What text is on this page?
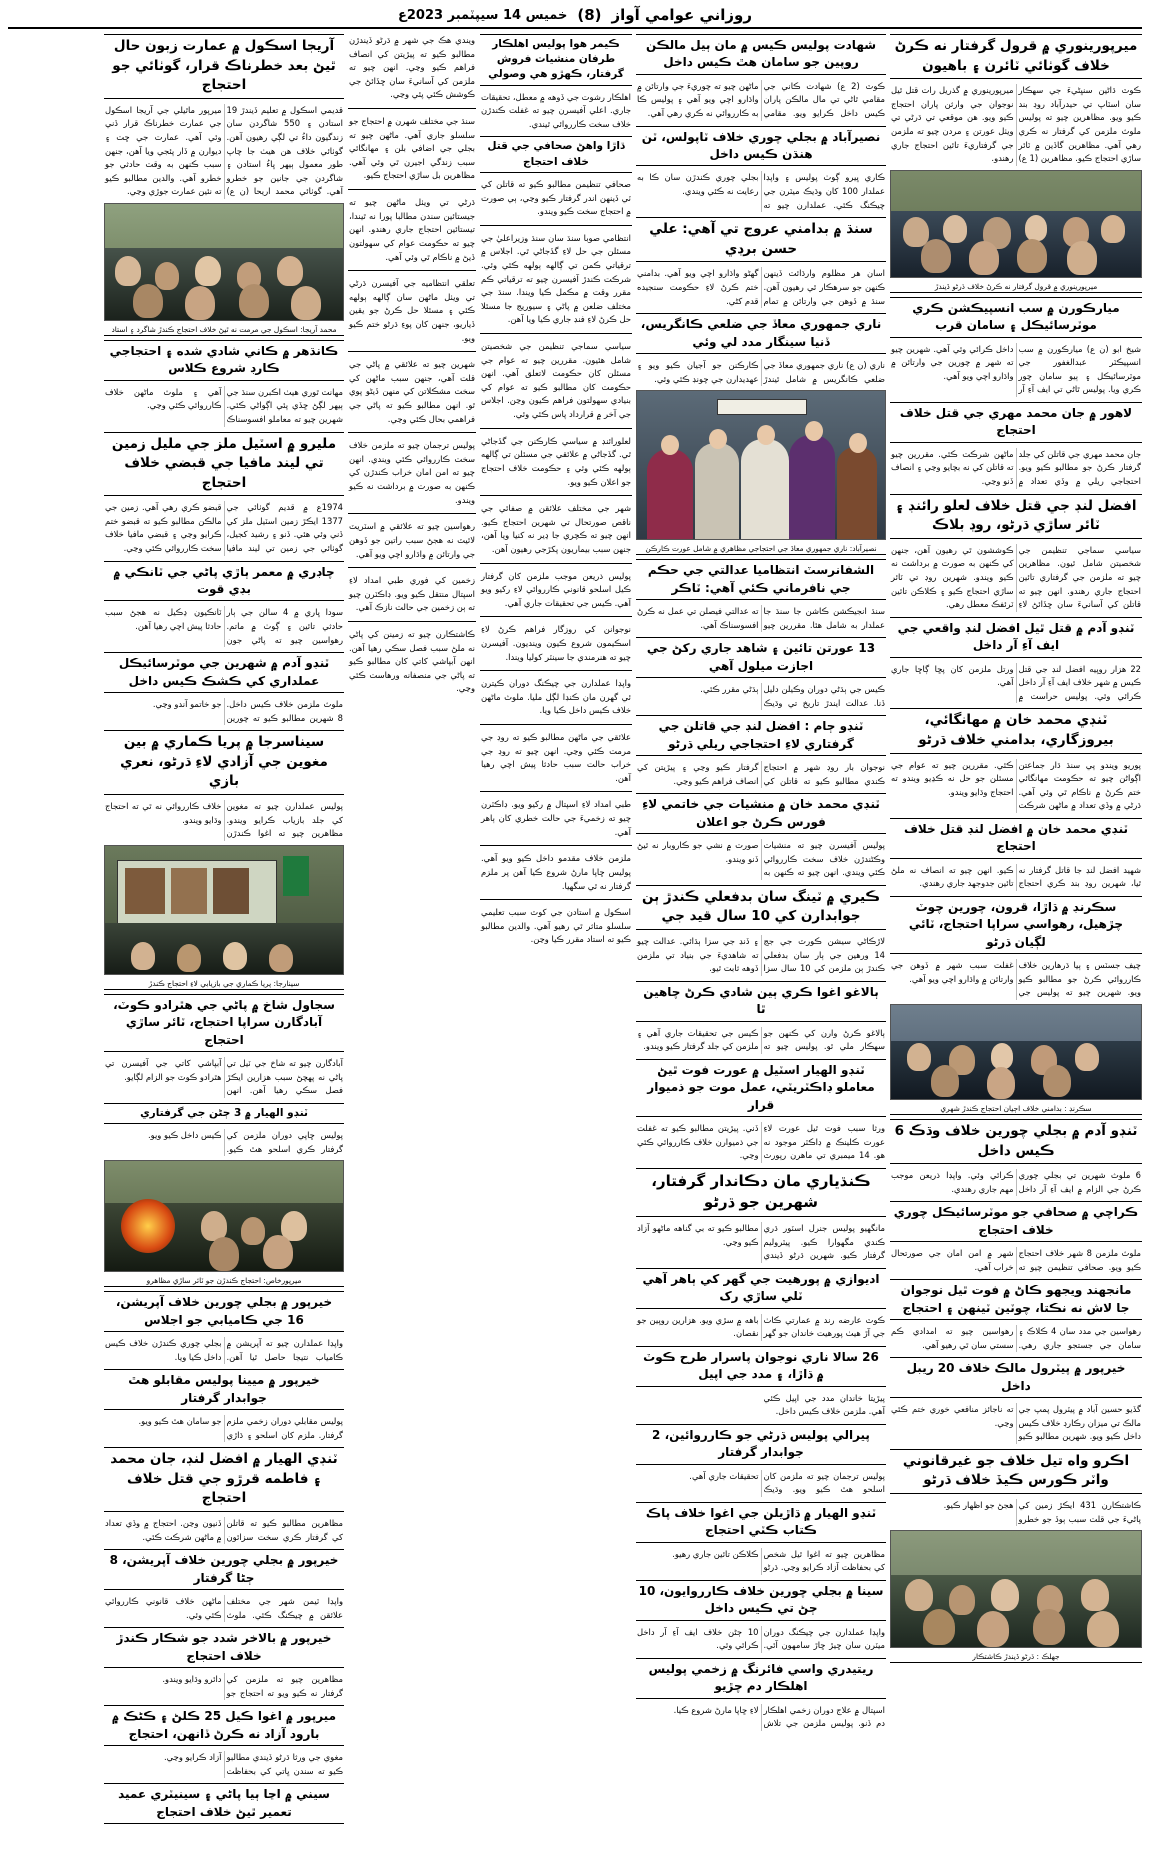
روزاني عوامي آواز
(8)
خميس 14 سيپٽمبر 2023ع
ميرپورينوري ۾ قرول گرفتار نه ڪرڻ خلاف گوٺائي ٽائرن ۽ باهيون
ڪوٽ ڌاڻين سنڀڻيءَ جي سهڪار سان اسٽاپ تي حيدرآباد روڊ بند ڪيو ويو. مظاهرين چيو ته پوليس ملوث ملزمن کي گرفتار نه ڪري رهي آهي. مظاهرين گاڏين ۾ ٽائر ساڙي احتجاج ڪيو. مظاهرين (1 ع) ميرپورينوري ۾ گذريل رات قتل ٿيل نوجوان جي وارثن پاران احتجاج ڪيو ويو. هن موقعي تي ڌرڻي تي ويٺل عورتن ۽ مردن چيو ته ملزمن جي گرفتاريءَ تائين احتجاج جاري رهندو.
ميرپورينوري ۾ قرول گرفتار نه ڪرڻ خلاف ڌرڻو ڏيندڙ
ميارڪورن ۾ سب انسپيڪشن ڪري موٽرسائيڪل ۽ سامان قرب
شيخ ابو (ن ع) ميارڪورن ۾ سب انسپيڪٽر عبدالغفور جي موٽرسائيڪل ۽ ٻيو سامان چور ڪري ويا. پوليس ٿاڻي تي ايف آءِ آر داخل ڪرائي وئي آهي. شهرين چيو ته شهر ۾ چورين جي وارتائن ۾ واڌارو اچي ويو آهي.
لاهور ۾ جان محمد مهري جي قتل خلاف احتجاج
جان محمد مهري جي قاتلن کي جلد گرفتار ڪرڻ جو مطالبو ڪيو ويو. احتجاجي ريلي ۾ وڏي تعداد ۾ ماڻهن شرڪت ڪئي. مقررين چيو ته قاتلن کي نه بچايو وڃي ۽ انصاف ڏنو وڃي.
افضل لنڊ جي قتل خلاف لعلو رائنڊ ۽ ٽائر ساڙي ڌرڻو، روڊ بلاڪ
سياسي سماجي تنظيمن جي شخصيتن شامل ٿيون. مظاهرين چيو ته ملزمن جي گرفتاري تائين احتجاج جاري رهندو. انهن چيو ته قاتلن کي آسانيءَ سان ڇڏائڻ لاءِ ڪوششون ٿي رهيون آهن، جنهن کي ڪنهن به صورت ۾ برداشت نه ڪيو ويندو. شهرين روڊ تي ٽائر ساڙي احتجاج ڪيو ۽ ڪلاڪن تائين ٽرئفڪ معطل رهي.
ٽنڊو آدم ۾ قتل ٿيل افضل لنڊ واقعي جي ايف آءِ آر داخل
22 هزار روپيه افضل لنڊ جي قتل ڪيس ۾ شهر خلاف ايف آءِ آر داخل ڪرائي وئي. پوليس حراست ۾ ورتل ملزمن کان پڇا ڳاڇا جاري آهي.
ٽنڊي محمد خان ۾ مهانگائي، بيروزگاري، بدامني خلاف ڌرڻو
پوريو ويندو پي سنڌ ڌار جماعتن اڳواڻن چيو ته حڪومت مهانگائي ختم ڪرڻ ۾ ناڪام ٿي وئي آهي. ڌرڻي ۾ وڏي تعداد ۾ ماڻهن شرڪت ڪئي. مقررين چيو ته عوام جي مسئلن جو حل نه ڪڍيو ويندو ته احتجاج وڌايو ويندو.
ٽنڊي محمد خان ۾ افضل لنڊ قتل خلاف احتجاج
شهيد افضل لنڊ جا قاتل گرفتار نه ٿيا، شهرين روڊ بند ڪري احتجاج ڪيو. انهن چيو ته انصاف نه ملڻ تائين جدوجهد جاري رهندي.
سڪرنڊ ۾ ڌاڙا، قرون، چورين چوٽ چڙهيل، رهواسي سراپا احتجاج، ٽائي لڳيان ڌرڻو
چيف جسٽس ۽ ٻيا ڌرهارين خلاف ڪارروائي ڪرڻ جو مطالبو ڪيو ويو. شهرين چيو ته پوليس جي غفلت سبب شهر ۾ ڏوهن جي وارتائن ۾ واڌارو اچي ويو آهي.
سڪرنڊ : بدامني خلاف اڄيان احتجاج ڪندڙ شهري
ٽنڊو آدم ۾ بجلي چورين خلاف وڌڪ 6 ڪيس داخل
6 ملوث شهرين تي بجلي چوري ڪرڻ جي الزام ۾ ايف آءِ آر داخل ڪرائي وئي. واپڊا ذريعن موجب مهم جاري رهندي.
ڪراچي ۾ صحافي جو موٽرسائيڪل چوري خلاف احتجاج
ملوث ملزمن 8 شهر خلاف احتجاج ڪيو ويو. صحافي تنظيمن چيو ته شهر ۾ امن امان جي صورتحال خراب آهي.
مانجهند ويجهو ڪاڻ ۾ فوت ٿيل نوجوان جا لاش نه نڪتا، چوٽين ٽينهن ۽ احتجاج
رهواسين جي مدد سان 4 ڪلاڪ ۽ سامان جي جستجو جاري رهي. رهواسين چيو ته امدادي ڪم سستي سان ٿي رهيو آهي.
خيرپور ۾ پيٽرول مالڪ خلاف 20 ريبل داخل
گڏيو حسين آباد ۾ پيٽرول پمپ جي مالڪ تي ميزان رڪارڊ خلاف ڪيس داخل ڪيو ويو. شهرين مطالبو ڪيو ته ناجائز منافعي خوري ختم ڪئي وڃي.
اڪرو واه تيل خلاف جو غيرقانوني واٽر ڪورس ڪيڏ خلاف ڌرڻو
ڪاشتڪارن 431 ايڪڙ زمين کي پاڻيءَ جي قلت سبب ٻوڏ جو خطرو هجڻ جو اظهار ڪيو.
جھلڪ : ڌرڻو ڏيندڙ ڪاشتڪار
شهادت پوليس ڪيس ۾ مان ٻيل مالڪن روپين جو سامان هٿ ڪيس داخل
ڪوٽ (2 ع) شهادت ڪاني جي مقامي ٿاڻي تي مال مالڪن پاران ڪيس داخل ڪرايو ويو. مقامي ماڻهن چيو ته چوريءَ جي وارتائن ۾ واڌارو اچي ويو آهي ۽ پوليس ڪا به ڪارروائي نه ڪري رهي آهي.
نصيرآباد ۾ بجلي چوري خلاف ٽاپولس، ٽن هنڌن ڪيس داخل
ڪاري ڀيرو ڳوٺ پوليس ۽ واپڊا عملدار 100 کان وڌيڪ ميٽرن جي چيڪنگ ڪئي. عملدارن چيو ته بجلي چوري ڪندڙن سان ڪا به رعايت نه ڪئي ويندي.
سنڌ ۾ بدامني عروج تي آهي: علي حسن برڊي
اسان هر مظلوم وارڌائت ڏينهن ڪنهن جو سرهڪار ٿي رهيون آهن. سنڌ ۾ ڏوهن جي وارتائن ۾ تمام گهڻو واڌارو اچي ويو آهي. بدامني ختم ڪرڻ لاءِ حڪومت سنجيده قدم کڻي.
ناري جمهوري معاڏ جي ضلعي ڪانگريس، ڏنيا سينگار مدد لي وئي
ناري (ن ع) ناري جمهوري معاڏ جي ضلعي ڪانگريس ۾ شامل ٿيندڙ ڪارڪنن جو آجيان ڪيو ويو ۽ عهديدارن جي چونڊ ڪئي وئي.
نصيرآباد: ناري جمهوري معاڏ جي احتجاجي مظاهري ۾ شامل عورت ڪارڪن
الشفانرسٽ انتظاميا عدالتي جي حڪم جي نافرماني ڪئي آهي: ٽاڪر
سنڌ انجيڪشن ڪاشن جا سنڌ جا عملدار به شامل هئا. مقررين چيو ته عدالتي فيصلن تي عمل نه ڪرڻ افسوسناڪ آهي.
13 عورتن تائين ۽ شاهد جاري رکڻ جي اجازت ميلول آهي
ڪيس جي ٻڌڻي دوران وڪيلن دليل ڏنا. عدالت ايندڙ تاريخ تي وڌيڪ ٻڌڻي مقرر ڪئي.
ٽنڊو ڄام : افضل لنڊ جي قاتلن جي گرفتاري لاءِ احتجاجي ريلي ڌرڻو
نوجوان بار روڊ شهر ۾ احتجاج ڪندي مطالبو ڪيو ته قاتلن کي گرفتار ڪيو وڃي ۽ پيڙيتن کي انصاف فراهم ڪيو وڃي.
ٽنڊي محمد خان ۾ منشيات جي خاتمي لاءِ فورس ڪرڻ جو اعلان
پوليس آفيسرن چيو ته منشيات وڪڻندڙن خلاف سخت ڪارروائي ڪئي ويندي. انهن چيو ته ڪنهن به صورت ۾ نشي جو ڪاروبار نه ٿيڻ ڏنو ويندو.
ڪيري ۾ ٽينگ سان بدفعلي ڪندڙ ٻن جوابدارن کي 10 سال قيد جي
لاڙڪاڻي سيشن ڪورٽ جي جج 14 ورهين جي ٻار سان بدفعلي ڪندڙ ٻن ملزمن کي 10 سال سزا ۽ ڏنڊ جي سزا ٻڌائي. عدالت چيو ته شاهديءَ جي بنياد تي ملزمن ڏوهه ثابت ٿيو.
ٻالاغو اغوا ڪري ٻين شادي ڪرڻ چاهين ٿا
ٻالاغو ڪرڻ وارن کي ڪنهن جو سهڪار ملي ٿو. پوليس چيو ته ڪيس جي تحقيقات جاري آهي ۽ ملزمن کي جلد گرفتار ڪيو ويندو.
ٽنڊو الهيار اسٽيل ۾ عورت فوت ٿيڻ معاملو ڊاڪٽريٽي، عمل موت جو ذميوار قرار
ورثا سبب فوت ٿيل عورت لاءِ عورت ڪلينڪ ۾ ڊاڪٽر موجود نه هو. 14 ميمبري تي ماهرن رپورٽ ڏني. پيڙيتن مطالبو ڪيو ته غفلت جي ذميوارن خلاف ڪارروائي ڪئي وڃي.
ڪنڌياري مان دڪاندار گرفتار، شهرين جو ڌرڻو
مانگهيو پوليس جنرل اسٽور ڌري ڪندي مگهوارا ڪيو. پيٽروليم گرفتار ڪيو. شهرين ڌرڻو ڏيندي مطالبو ڪيو ته بي گناهه ماڻهو آزاد ڪيو وڃي.
اديوازي ۾ پورهيت جي گهر کي ٻاهر آهي ٽلي ساڙي رک
ڪوٽ عارضه رند ۾ عمارتي ڪاٺ جي آڙ هيٺ پورهيت خاندان جو گهر باهه ۾ سڙي ويو. هزارين روپين جو نقصان.
26 سالا ناري نوجوان پاسرار طرح ڪوٽ ۾ ڌاڙا، ۽ مدد جي اپيل
پيڙيتا خاندان مدد جي اپيل ڪئي آهي. ملزمن خلاف ڪيس داخل.
پيرالي پوليس ڌرڻي جو ڪارروائين، 2 جوابدار گرفتار
پوليس ترجمان چيو ته ملزمن کان اسلحو هٿ ڪيو ويو. وڌيڪ تحقيقات جاري آهي.
ٽنڊو الهيار ۾ ڌاڙيلن جي اغوا خلاف پاڪ ڪتاب ڪٽي احتجاج
مظاهرين چيو ته اغوا ٿيل شخص کي بحفاظت آزاد ڪرايو وڃي. ڌرڻو ڪلاڪن تائين جاري رهيو.
سينا ۾ بجلي چورين خلاف ڪارروايون، 10 ڄڻ تي ڪيس داخل
واپڊا عملدارن جي چيڪنگ دوران ميٽرن سان ڇيڙ ڇاڙ سامهون آئي. 10 ڄڻن خلاف ايف آءِ آر داخل ڪرائي وئي.
ريتيدري واسي فائرنگ ۾ زخمي پوليس اهلڪار دم چڙيو
اسپتال ۾ علاج دوران زخمي اهلڪار دم ڏنو. پوليس ملزمن جي تلاش لاءِ ڇاپا مارڻ شروع ڪيا.
ڪيمر هوا پوليس اهلڪار طرفان منشيات فروش گرفتار، ڪهڙو هي وصولي
اهلڪار رشوت جي ڏوهه ۾ معطل، تحقيقات جاري. اعلي آفيسرن چيو ته غفلت ڪندڙن خلاف سخت ڪارروائي ٿيندي.
ڌاڙا واهڻ صحافي جي قتل خلاف احتجاج
صحافي تنظيمن مطالبو ڪيو ته قاتلن کي ٽي ڏينهن اندر گرفتار ڪيو وڃي، ٻي صورت ۾ احتجاج سخت ڪيو ويندو.
انتظامي صوبا سنڌ سان سنڌ وزيراعليٰ جي مسئلن جي حل لاءِ گڏجاڻي ٿي. اجلاس ۾ ترقياتي ڪمن تي ڳالهه ٻولهه ڪئي وئي. شرڪت ڪندڙ آفيسرن چيو ته ترقياتي ڪم مقرر وقت ۾ مڪمل ڪيا ويندا. سنڌ جي مختلف ضلعن ۾ پاڻي ۽ سيوريج جا مسئلا حل ڪرڻ لاءِ فنڊ جاري ڪيا ويا آهن.
سياسي سماجي تنظيمن جي شخصيتن شامل هئيون. مقررين چيو ته عوام جي مسئلن کان حڪومت لاتعلق آهي. انهن حڪومت کان مطالبو ڪيو ته عوام کي بنيادي سهولتون فراهم ڪيون وڃن. اجلاس جي آخر ۾ قرارداد پاس ڪئي وئي.
لعلورائنڊ ۾ سياسي ڪارڪنن جي گڏجاڻي ٿي. گڏجاڻي ۾ علائقي جي مسئلن تي ڳالهه ٻولهه ڪئي وئي ۽ حڪومت خلاف احتجاج جو اعلان ڪيو ويو.
شهر جي مختلف علائقن ۾ صفائي جي ناقص صورتحال تي شهرين احتجاج ڪيو. انهن چيو ته ڪچري جا ڍير نه کنيا ويا آهن، جنهن سبب بيماريون پکڙجي رهيون آهن.
پوليس ذريعن موجب ملزمن کان گرفتار ڪيل اسلحو قانوني ڪارروائي لاءِ رکيو ويو آهي. ڪيس جي تحقيقات جاري آهي.
نوجوانن کي روزگار فراهم ڪرڻ لاءِ اسڪيمون شروع ڪيون وينديون. آفيسرن چيو ته هنرمندي جا سينٽر کوليا ويندا.
واپڊا عملدارن جي چيڪنگ دوران ڪيترن ئي گهرن مان ڪنڊا لڳل مليا. ملوث ماڻهن خلاف ڪيس داخل ڪيا ويا.
علائقي جي ماڻهن مطالبو ڪيو ته روڊ جي مرمت ڪئي وڃي. انهن چيو ته روڊ جي خراب حالت سبب حادثا پيش اچي رهيا آهن.
طبي امداد لاءِ اسپتال ۾ رکيو ويو. ڊاڪٽرن چيو ته زخميءَ جي حالت خطري کان ٻاهر آهي.
ملزمن خلاف مقدمو داخل ڪيو ويو آهي. پوليس ڇاپا مارڻ شروع ڪيا آهن پر ملزم گرفتار نه ٿي سگهيا.
اسڪول ۾ استادن جي کوٽ سبب تعليمي سلسلو متاثر ٿي رهيو آهي. والدين مطالبو ڪيو ته استاد مقرر ڪيا وڃن.
ويندي هڪ جي شهر ۾ ڌرڻو ڏيندڙن مطالبو ڪيو ته پيڙيتن کي انصاف فراهم ڪيو وڃي. انهن چيو ته ملزمن کي آسانيءَ سان ڇڏائڻ جي ڪوشش ڪئي پئي وڃي.
سنڌ جي مختلف شهرن ۾ احتجاج جو سلسلو جاري آهي. ماڻهن چيو ته بجلي جي اضافي بلن ۽ مهانگائي سبب زندگي اجيرن ٿي وئي آهي. مظاهرين بل ساڙي احتجاج ڪيو.
ڌرڻي تي ويٺل ماڻهن چيو ته جيستائين سندن مطالبا پورا نه ٿيندا، تيستائين احتجاج جاري رهندو. انهن چيو ته حڪومت عوام کي سهولتون ڏيڻ ۾ ناڪام ٿي وئي آهي.
تعلقي انتظاميه جي آفيسرن ڌرڻي تي ويٺل ماڻهن سان ڳالهه ٻولهه ڪئي ۽ مسئلا حل ڪرڻ جو يقين ڏياريو، جنهن کان پوءِ ڌرڻو ختم ڪيو ويو.
شهرين چيو ته علائقي ۾ پاڻي جي قلت آهي، جنهن سبب ماڻهن کي سخت مشڪلاتن کي منهن ڏيڻو پوي ٿو. انهن مطالبو ڪيو ته پاڻي جي فراهمي بحال ڪئي وڃي.
پوليس ترجمان چيو ته ملزمن خلاف سخت ڪارروائي ڪئي ويندي. انهن چيو ته امن امان خراب ڪندڙن کي ڪنهن به صورت ۾ برداشت نه ڪيو ويندو.
رهواسين چيو ته علائقي ۾ اسٽريٽ لائيٽ نه هجڻ سبب راتين جو ڏوهن جي وارتائن ۾ واڌارو اچي ويو آهي.
زخمين کي فوري طبي امداد لاءِ اسپتال منتقل ڪيو ويو. ڊاڪٽرن چيو ته ٻن زخمين جي حالت نازڪ آهي.
ڪاشتڪارن چيو ته زمينن کي پاڻي نه ملڻ سبب فصل سڪي رهيا آهن. انهن آبپاشي کاتي کان مطالبو ڪيو ته پاڻي جي منصفانه ورهاست ڪئي وڃي.
آريجا اسڪول ۾ عمارت زبون حال ٿيڻ بعد خطرناڪ قرار، گوٺائي جو احتجاج
قديمي اسڪول ۾ تعليم ڏيندڙ 19 استادن ۽ 550 شاگردن سان زندگيون داءُ تي لڳي رهيون آهن. گوٺائي خلاف هن هيٺ جا چاپ طور معمول ٻيهر ڀاءُ استادن ۽ شاگردن جي جانين جو خطرو آهي. گوٺائي محمد اريحا (ن ع) ميرپور ماٿيلي جي آريجا اسڪول جي عمارت خطرناڪ قرار ڏني وئي آهي. عمارت جي ڇت ۽ ديوارن ۾ ڏار پئجي ويا آهن، جنهن سبب ڪنهن به وقت حادثي جو خطرو آهي. والدين مطالبو ڪيو ته نئين عمارت جوڙي وڃي.
محمد آريجا: اسڪول جي مرمت نه ٿيڻ خلاف احتجاج ڪندڙ شاگرد ۽ استاد
ڪانڌهر ۾ ڪاني شادي شده ۽ احتجاجي ڪارڊ شروع ڪلاس
مهانت ٿوري هيٺ اڪبرن سنڌ جي ٻيهر لڳڻ ڇڏي پئي اڳواڻي ڪئي. شهرين چيو ته معاملو افسوسناڪ آهي ۽ ملوث ماڻهن خلاف ڪارروائي ڪئي وڃي.
مليرو ۾ اسٽيل ملز جي مليل زمين تي ليند مافيا جي قبضي خلاف احتجاج
1974ع ۾ قديم گوٺائي جي 1377 ايڪڙ زمين اسٽيل ملز کي ڏني وئي هئي. ڏنو ۽ رشيد کجيل، گوٺائي جي زمين تي ليند مافيا قبضو ڪري رهي آهي. زمين جي مالڪن مطالبو ڪيو ته قبضو ختم ڪرايو وڃي ۽ قبضي مافيا خلاف سخت ڪارروائي ڪئي وڃي.
چاڊري ۾ معمر ٻاڙي پاڻي جي ٽانڪي ۾ بڊي قوت
سودا ڀاري ۾ 4 سالن جي ٻار حادثي تائين ۽ ڳوٺ ۾ ماتم. رهواسين چيو ته پاڻي جون ٽانڪيون ڍڪيل نه هجڻ سبب حادثا پيش اچي رهيا آهن.
ٽنڊو آدم ۾ شهرين جي موٽرسائيڪل عملداري کي ڪشڪ ڪيس داخل
ملوث ملزمن خلاف ڪيس داخل. 8 شهرين مطالبو ڪيو ته چورين جو خاتمو آندو وڃي.
سيناسرجا ۾ پريا ڪماري ۾ بين مغوين جي آزادي لاءِ ڌرڻو، نعري بازي
پوليس عملدارن چيو ته مغوين کي جلد بازياب ڪرايو ويندو. مظاهرين چيو ته اغوا ڪندڙن خلاف ڪارروائي نه ٿي ته احتجاج وڌايو ويندو.
سينارجا: پريا ڪماري جي بازيابي لاءِ احتجاج ڪندڙ
سجاول شاخ ۾ پاڻي جي هٿرادو ڪوٽ، آبادگارن سراپا احتجاج، ٽائر ساڙي احتجاج
آبادگارن چيو ته شاخ جي ٽيل تي پاڻي نه پهچڻ سبب هزارين ايڪڙ فصل سڪي رهيا آهن. انهن آبپاشي کاتي جي آفيسرن تي هٿرادو ڪوٽ جو الزام لڳايو.
ٽنڊو الهيار ۾ 3 ڄڻن جي گرفتاري
پوليس ڇاپي دوران ملزمن کي گرفتار ڪري اسلحو هٿ ڪيو. ڪيس داخل ڪيو ويو.
ميرپورخاص: احتجاج ڪندڙن جو ٽائر ساڙي مظاهرو
خيرپور ۾ بجلي چورين خلاف آپريشن، 16 جي ڪاميابي جو اجلاس
واپڊا عملدارن چيو ته آپريشن ۾ ڪامياب نتيجا حاصل ٿيا آهن. بجلي چوري ڪندڙن خلاف ڪيس داخل ڪيا ويا.
خيرپور ۾ ميينا پوليس مقابلو هٿ جوابدار گرفتار
پوليس مقابلي دوران زخمي ملزم گرفتار. ملزم کان اسلحو ۽ ڌاڙي جو سامان هٿ ڪيو ويو.
ٽنڊي الهيار ۾ افضل لنڊ، جان محمد ۽ فاطمه قرڙو جي قتل خلاف احتجاج
مظاهرين مطالبو ڪيو ته قاتلن کي گرفتار ڪري سخت سزائون ڏنيون وڃن. احتجاج ۾ وڏي تعداد ۾ ماڻهن شرڪت ڪئي.
خيرپور ۾ بجلي چورين خلاف آپريشن، 8 ڄڻا گرفتار
واپڊا ٽيمن شهر جي مختلف علائقن ۾ چيڪنگ ڪئي. ملوث ماڻهن خلاف قانوني ڪارروائي ڪئي وئي.
خيرپور ۾ بالاخر شدد جو شڪار ڪندڙ خلاف احتجاج
مظاهرين چيو ته ملزمن کي گرفتار نه ڪيو ويو ته احتجاج جو دائرو وڌايو ويندو.
ميرپور ۾ اغوا ڪيل 25 ڪلڻ ۽ ڪڻڪ ۾ بارود آزاد نه ڪرڻ ڏانهن، احتجاج
مغوي جي ورثا ڌرڻو ڏيندي مطالبو ڪيو ته سندن ڀاتي کي بحفاظت آزاد ڪرايو وڃي.
سيني ۾ اڃا ٻيا پاڻي ۽ سينيٽري عميد تعمير ٿيڻ خلاف احتجاج
